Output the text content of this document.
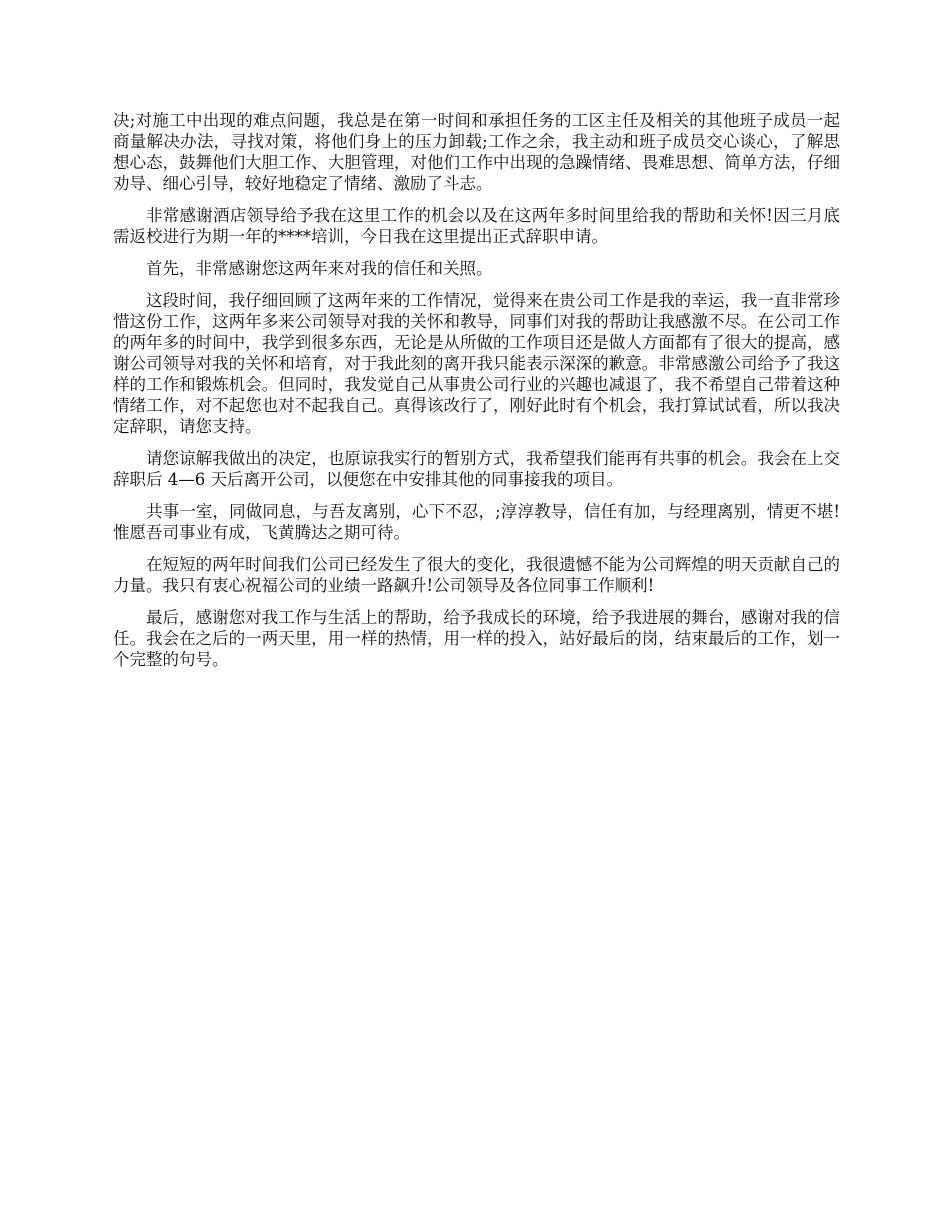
决;对施工中出现的难点问题，我总是在第一时间和承担任务的工区主任及相关的其他班子成员一起商量解决办法，寻找对策，将他们身上的压力卸载;工作之余，我主动和班子成员交心谈心，了解思想心态，鼓舞他们大胆工作、大胆管理，对他们工作中出现的急躁情绪、畏难思想、简单方法，仔细劝导、细心引导，较好地稳定了情绪、激励了斗志。

非常感谢酒店领导给予我在这里工作的机会以及在这两年多时间里给我的帮助和关怀!因三月底需返校进行为期一年的****培训，今日我在这里提出正式辞职申请。

首先，非常感谢您这两年来对我的信任和关照。

这段时间，我仔细回顾了这两年来的工作情况，觉得来在贵公司工作是我的幸运，我一直非常珍惜这份工作，这两年多来公司领导对我的关怀和教导，同事们对我的帮助让我感激不尽。在公司工作的两年多的时间中，我学到很多东西，无论是从所做的工作项目还是做人方面都有了很大的提高，感谢公司领导对我的关怀和培育，对于我此刻的离开我只能表示深深的歉意。非常感激公司给予了我这样的工作和锻炼机会。但同时，我发觉自己从事贵公司行业的兴趣也减退了，我不希望自己带着这种情绪工作，对不起您也对不起我自己。真得该改行了，刚好此时有个机会，我打算试试看，所以我决定辞职，请您支持。

请您谅解我做出的决定，也原谅我实行的暂别方式，我希望我们能再有共事的机会。我会在上交辞职后 4—6 天后离开公司，以便您在中安排其他的同事接我的项目。

共事一室，同做同息，与吾友离别，心下不忍，;淳淳教导，信任有加，与经理离别，情更不堪!惟愿吾司事业有成，飞黄腾达之期可待。

在短短的两年时间我们公司已经发生了很大的变化，我很遗憾不能为公司辉煌的明天贡献自己的力量。我只有衷心祝福公司的业绩一路飙升!公司领导及各位同事工作顺利!

最后，感谢您对我工作与生活上的帮助，给予我成长的环境，给予我进展的舞台，感谢对我的信任。我会在之后的一两天里，用一样的热情，用一样的投入，站好最后的岗，结束最后的工作，划一个完整的句号。
